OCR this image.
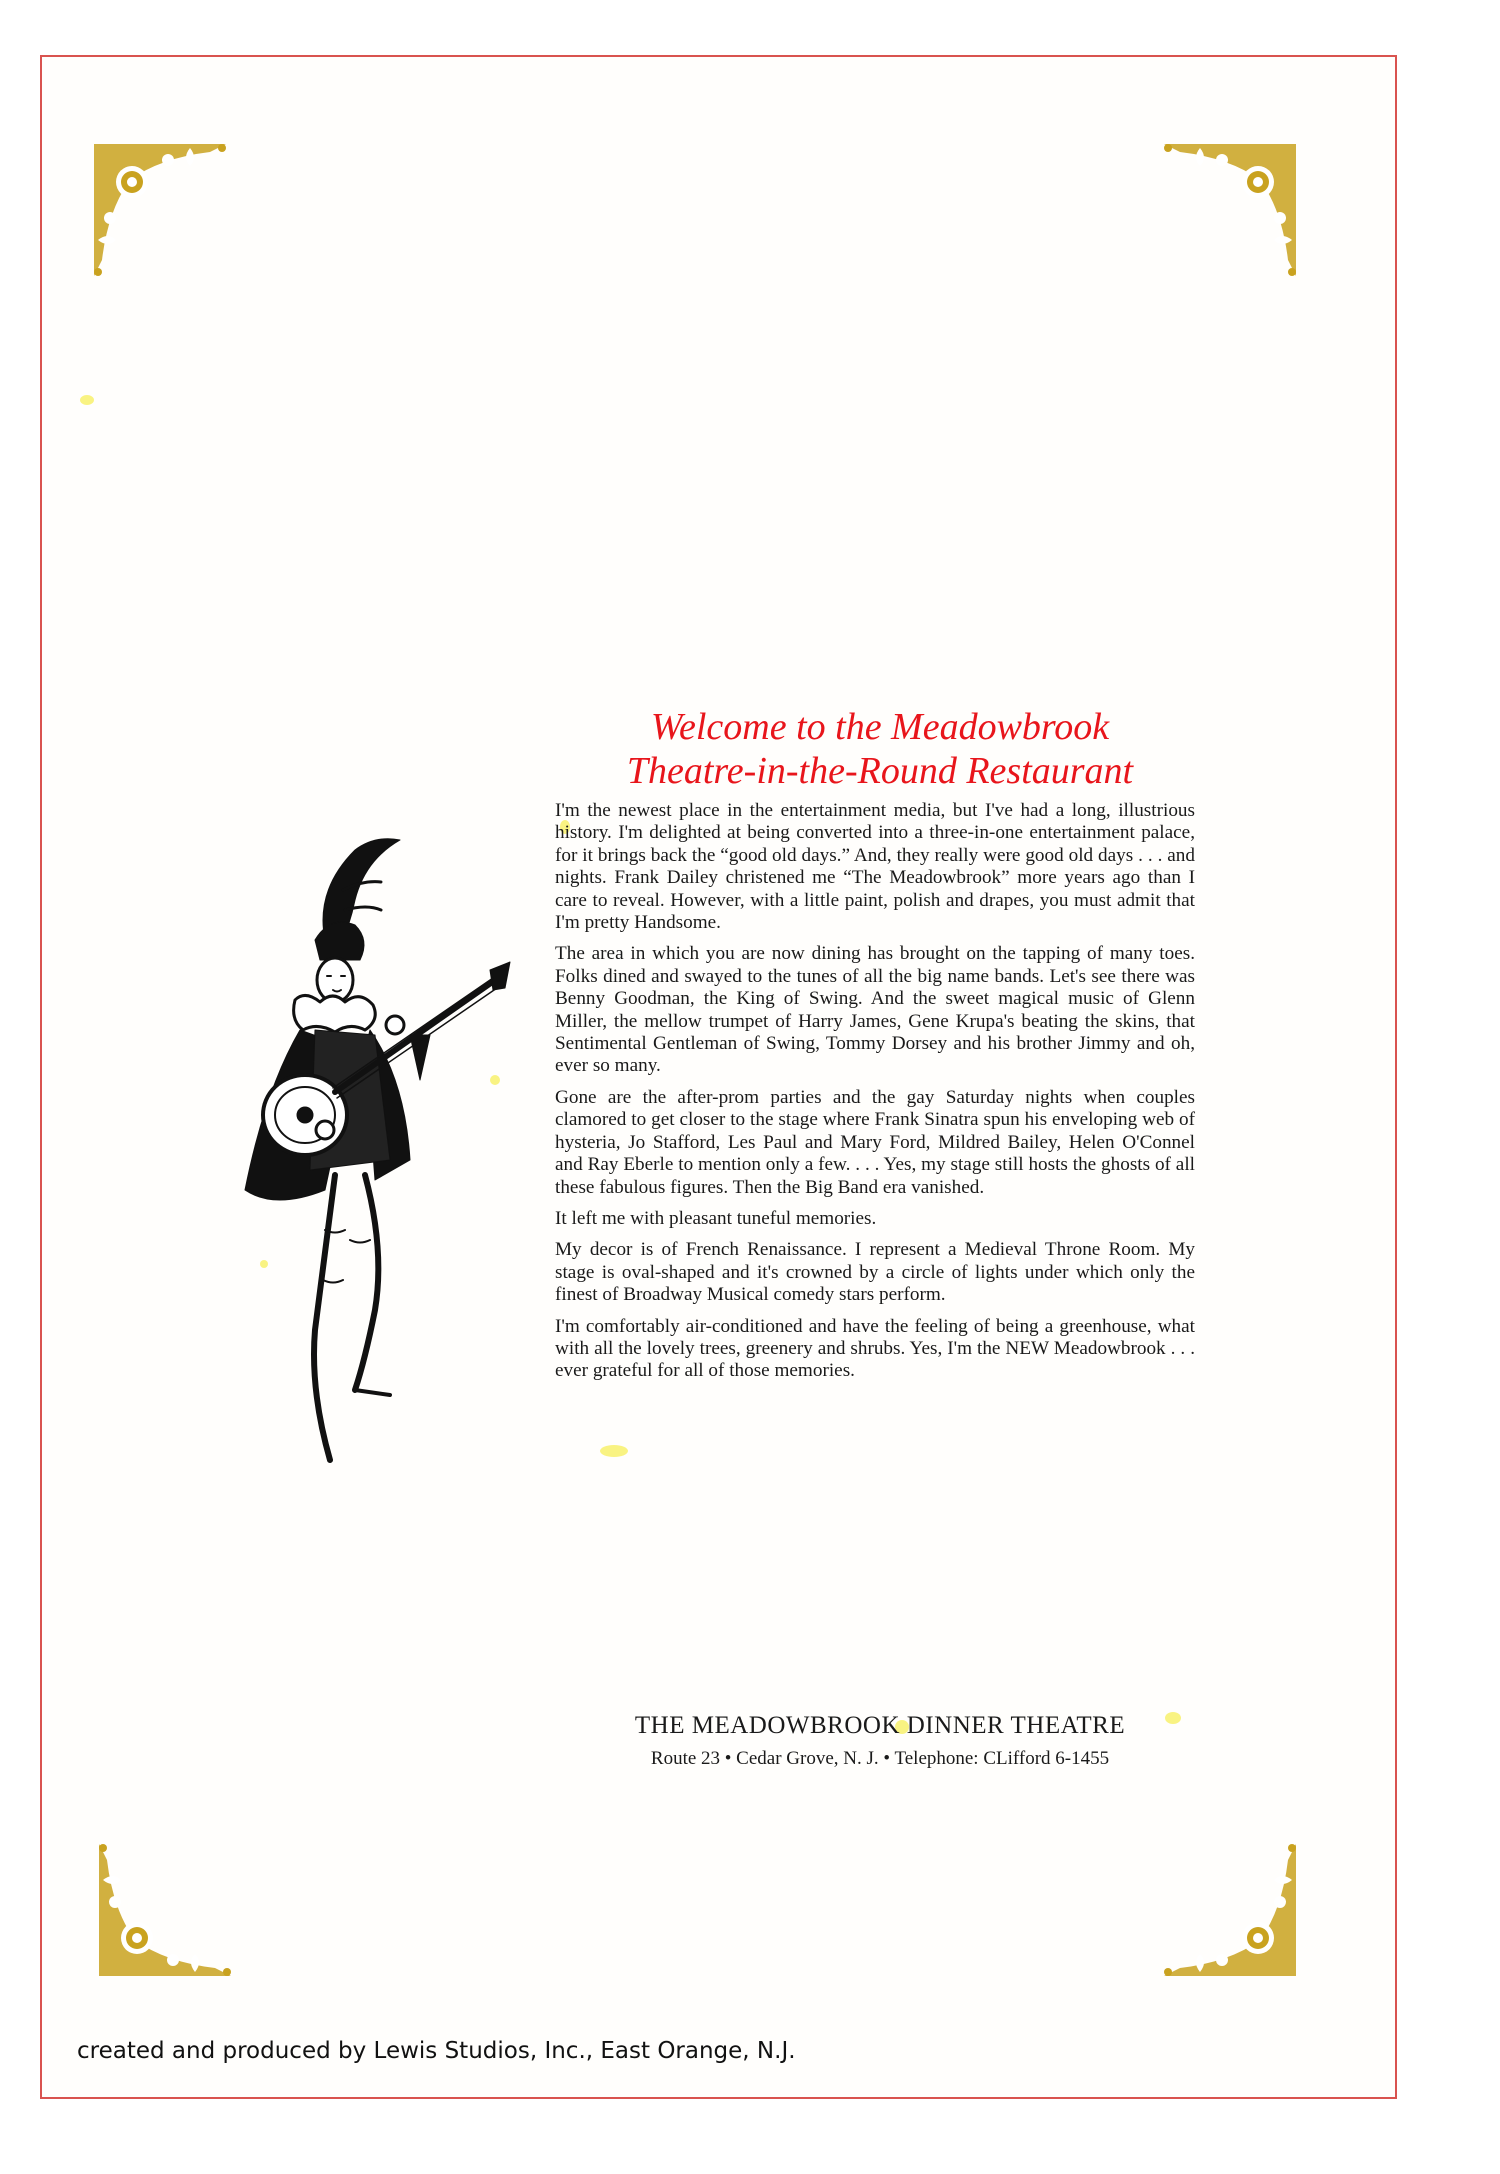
Welcome to the Meadowbrook
Theatre-in-the-Round Restaurant

I'm the newest place in the entertainment media, but I've had a long, illustrious history. I'm delighted at being converted into a three-in-one entertainment palace, for it brings back the “good old days.” And, they really were good old days . . . and nights. Frank Dailey christened me “The Meadowbrook” more years ago than I care to reveal. However, with a little paint, polish and drapes, you must admit that I'm pretty Handsome.

The area in which you are now dining has brought on the tapping of many toes. Folks dined and swayed to the tunes of all the big name bands. Let's see there was Benny Goodman, the King of Swing. And the sweet magical music of Glenn Miller, the mellow trumpet of Harry James, Gene Krupa's beating the skins, that Sentimental Gentleman of Swing, Tommy Dorsey and his brother Jimmy and oh, ever so many.

Gone are the after-prom parties and the gay Saturday nights when couples clamored to get closer to the stage where Frank Sinatra spun his enveloping web of hysteria, Jo Stafford, Les Paul and Mary Ford, Mildred Bailey, Helen O'Connel and Ray Eberle to mention only a few. . . . Yes, my stage still hosts the ghosts of all these fabulous figures. Then the Big Band era vanished.

It left me with pleasant tuneful memories.

My decor is of French Renaissance. I represent a Medieval Throne Room. My stage is oval-shaped and it's crowned by a circle of lights under which only the finest of Broadway Musical comedy stars perform.

I'm comfortably air-conditioned and have the feeling of being a greenhouse, what with all the lovely trees, greenery and shrubs. Yes, I'm the NEW Meadowbrook . . . ever grateful for all of those memories.

THE MEADOWBROOK DINNER THEATRE
Route 23 • Cedar Grove, N. J. • Telephone: CLifford 6-1455
created and produced by Lewis Studios, Inc., East Orange, N.J.
